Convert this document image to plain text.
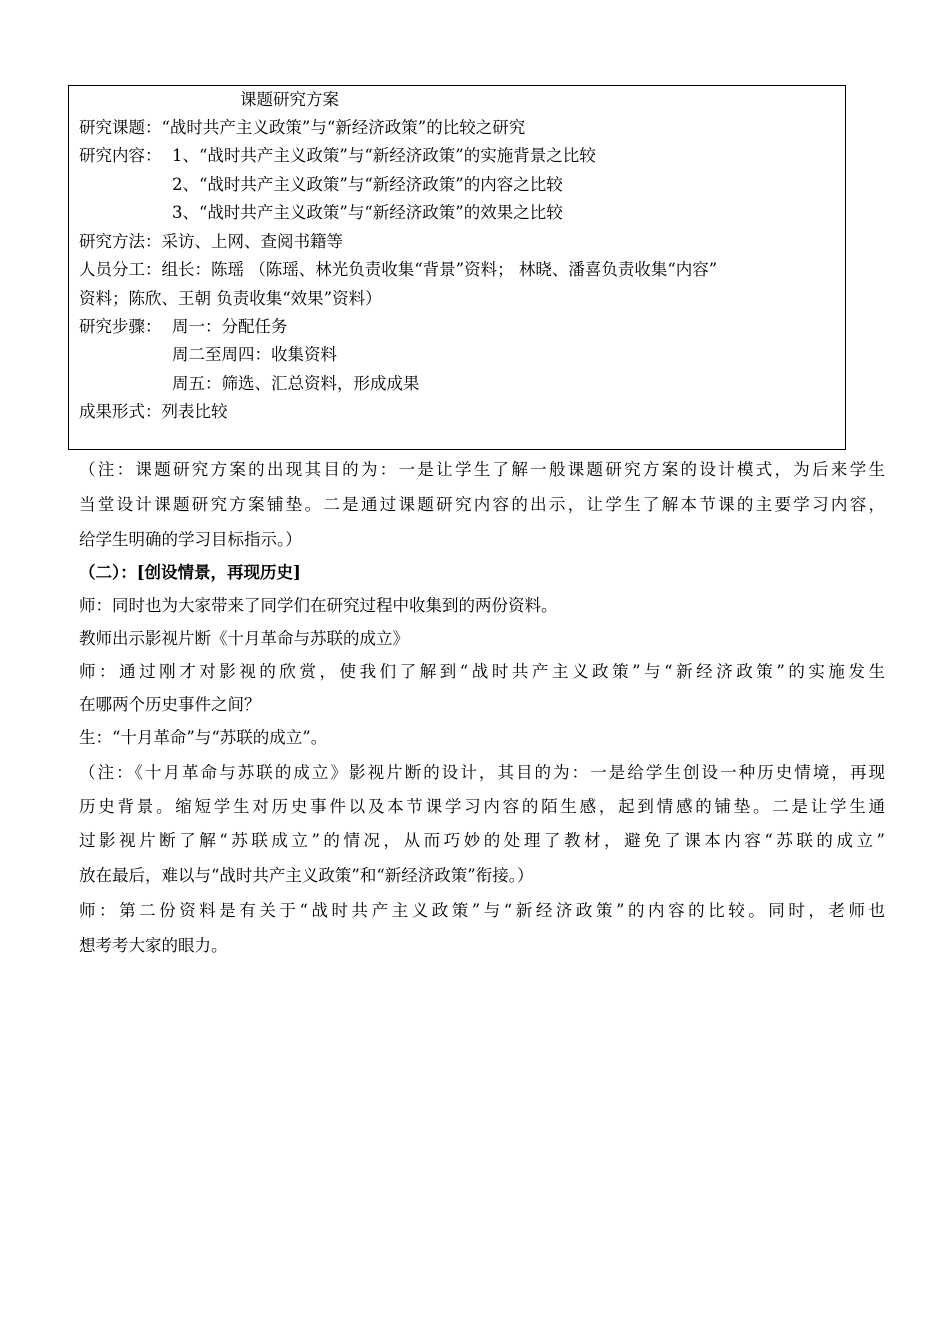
课题研究方案
研究课题：“战时共产主义政策”与“新经济政策”的比较之研究
研究内容： 1、“战时共产主义政策”与“新经济政策”的实施背景之比较
2、“战时共产主义政策”与“新经济政策”的内容之比较
3、“战时共产主义政策”与“新经济政策”的效果之比较
研究方法：采访、上网、查阅书籍等
人员分工：组长：陈瑶 （陈瑶、林光负责收集“背景”资料； 林晓、潘喜负责收集“内容”
资料；陈欣、王朝 负责收集“效果”资料）
研究步骤： 周一：分配任务
周二至周四：收集资料
周五：筛选、汇总资料，形成成果
成果形式：列表比较
（注：课题研究方案的出现其目的为：一是让学生了解一般课题研究方案的设计模式，为后来学生
当堂设计课题研究方案铺垫。二是通过课题研究内容的出示，让学生了解本节课的主要学习内容，
给学生明确的学习目标指示。）
（二）：[创设情景，再现历史]
师：同时也为大家带来了同学们在研究过程中收集到的两份资料。
教师出示影视片断《十月革命与苏联的成立》
师：通过刚才对影视的欣赏，使我们了解到“战时共产主义政策”与“新经济政策”的实施发生
在哪两个历史事件之间？
生：“十月革命”与“苏联的成立”。
（注：《十月革命与苏联的成立》影视片断的设计，其目的为：一是给学生创设一种历史情境，再现
历史背景。缩短学生对历史事件以及本节课学习内容的陌生感，起到情感的铺垫。二是让学生通
过影视片断了解“苏联成立”的情况，从而巧妙的处理了教材，避免了课本内容“苏联的成立”
放在最后，难以与“战时共产主义政策”和“新经济政策”衔接。）
师：第二份资料是有关于“战时共产主义政策”与“新经济政策”的内容的比较。同时，老师也
想考考大家的眼力。
